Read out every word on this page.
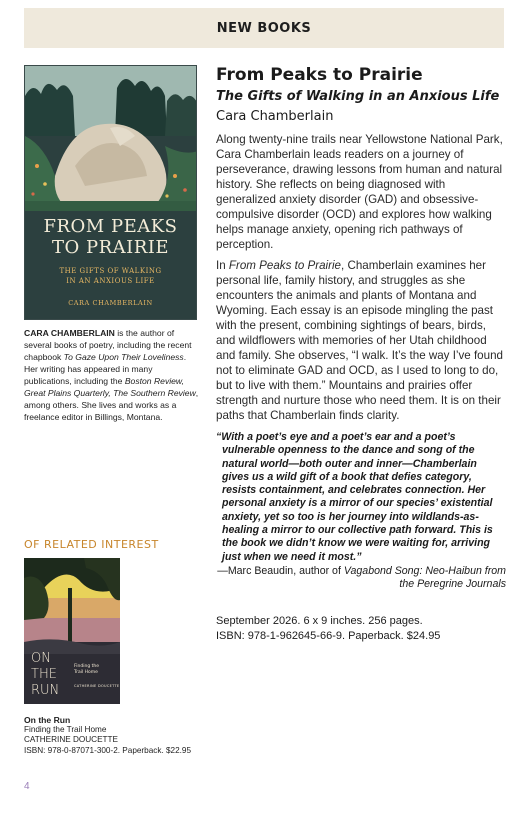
NEW BOOKS
FROM PEAKS
TO PRAIRIE
THE GIFTS OF WALKING
IN AN ANXIOUS LIFE
CARA CHAMBERLAIN
CARA CHAMBERLAIN is the author of several books of poetry, including the recent chapbook To Gaze Upon Their Loveliness. Her writing has appeared in many publications, including the Boston Review, Great Plains Quarterly, The Southern Review, among others. She lives and works as a freelance editor in Billings, Montana.
OF RELATED INTEREST
ON
THE
RUN
Finding the
Trail Home
CATHERINE DOUCETTE
On the Run
Finding the Trail Home
CATHERINE DOUCETTE
ISBN: 978-0-87071-300-2. Paperback. $22.95
4
From Peaks to Prairie
The Gifts of Walking in an Anxious Life
Cara Chamberlain

Along twenty-nine trails near Yellowstone National Park, Cara Chamberlain leads readers on a journey of perseverance, drawing lessons from human and natural history. She reflects on being diagnosed with generalized anxiety disorder (GAD) and obsessive-compulsive disorder (OCD) and explores how walking helps manage anxiety, opening rich pathways of perception.

In From Peaks to Prairie, Chamberlain examines her personal life, family history, and struggles as she encounters the animals and plants of Montana and Wyoming. Each essay is an episode mingling the past with the present, combining sightings of bears, birds, and wildflowers with memories of her Utah childhood and family. She observes, “I walk. It’s the way I’ve found not to eliminate GAD and OCD, as I used to long to do, but to live with them.” Mountains and prairies offer strength and nurture those who need them. It is on their paths that Chamberlain finds clarity.

“With a poet’s eye and a poet’s ear and a poet’s vulnerable openness to the dance and song of the natural world—both outer and inner—Chamberlain gives us a wild gift of a book that defies category, resists containment, and celebrates connection. Her personal anxiety is a mirror of our species’ existential anxiety, yet so too is her journey into wildlands-as-healing a mirror to our collective path forward. This is the book we didn’t know we were waiting for, arriving just when we need it most.”

—Marc Beaudin, author of Vagabond Song: Neo-Haibun from the Peregrine Journals

September 2026. 6 x 9 inches. 256 pages.
ISBN: 978-1-962645-66-9. Paperback. $24.95
